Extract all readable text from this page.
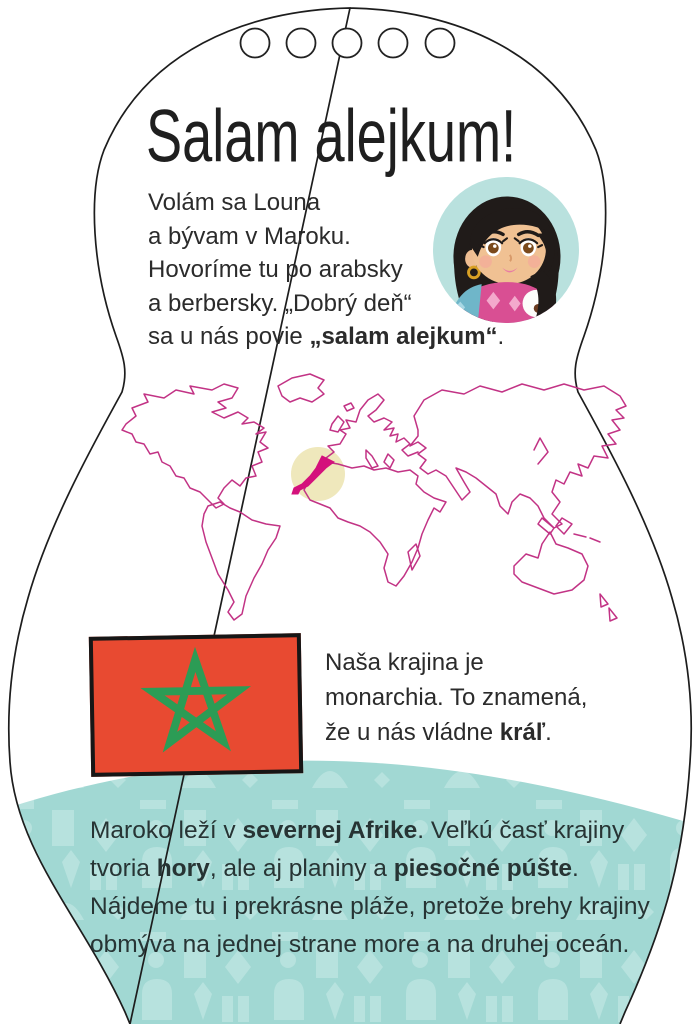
Salam alejkum!
Volám sa Louna
a bývam v Maroku.
Hovoríme tu po arabsky
a berbersky. „Dobrý deň“
sa u nás povie „salam alejkum“.
Naša krajina je
monarchia. To znamená,
že u nás vládne kráľ.
Maroko leží v severnej Afrike. Veľkú časť krajiny
tvoria hory, ale aj planiny a piesočné púšte.
Nájdeme tu i prekrásne pláže, pretože brehy krajiny
obmýva na jednej strane more a na druhej oceán.
